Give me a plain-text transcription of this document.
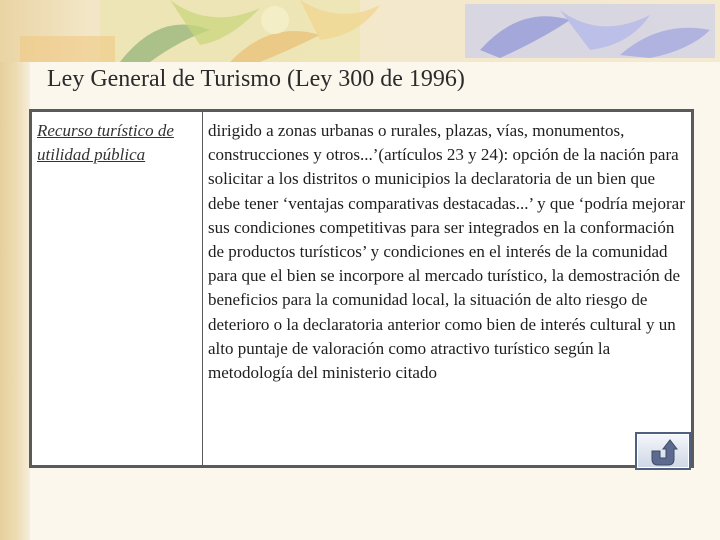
Ley General de Turismo (Ley 300 de 1996)
Recurso turístico de utilidad pública
dirigido a zonas urbanas o rurales, plazas, vías, monumentos, construcciones y otros...’(artículos 23 y 24): opción de la nación para solicitar a los distritos o municipios la declaratoria de un bien que debe tener ‘ventajas comparativas destacadas...’ y que ‘podría mejorar sus condiciones competitivas para ser integrados en la conformación de productos turísticos’ y condiciones en el interés de la comunidad para que el bien se incorpore al mercado turístico, la demostración de beneficios para la comunidad local, la situación de alto riesgo de deterioro o la declaratoria anterior como bien de interés cultural y un alto puntaje de valoración como atractivo turístico según la metodología del ministerio citado
